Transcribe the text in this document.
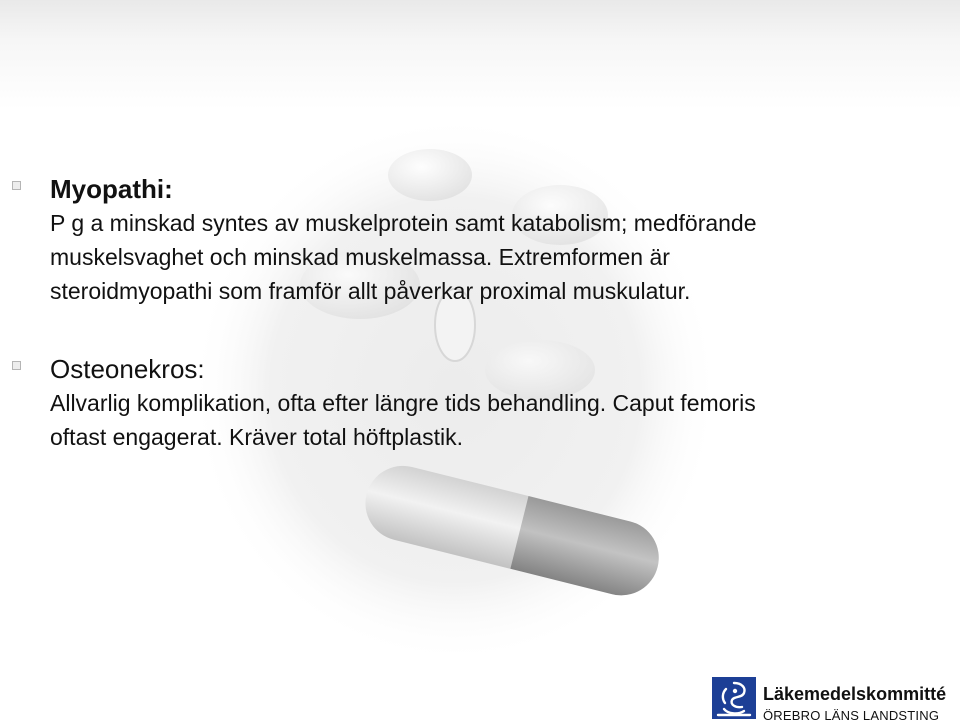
Myopathi:
P g a minskad syntes av muskelprotein samt katabolism; medförande
muskelsvaghet och minskad muskelmassa. Extremformen är
steroidmyopathi som framför allt påverkar proximal muskulatur.
Osteonekros:
Allvarlig komplikation, ofta efter längre tids behandling. Caput femoris
oftast engagerat. Kräver total höftplastik.
Läkemedelskommitté
ÖREBRO LÄNS LANDSTING
